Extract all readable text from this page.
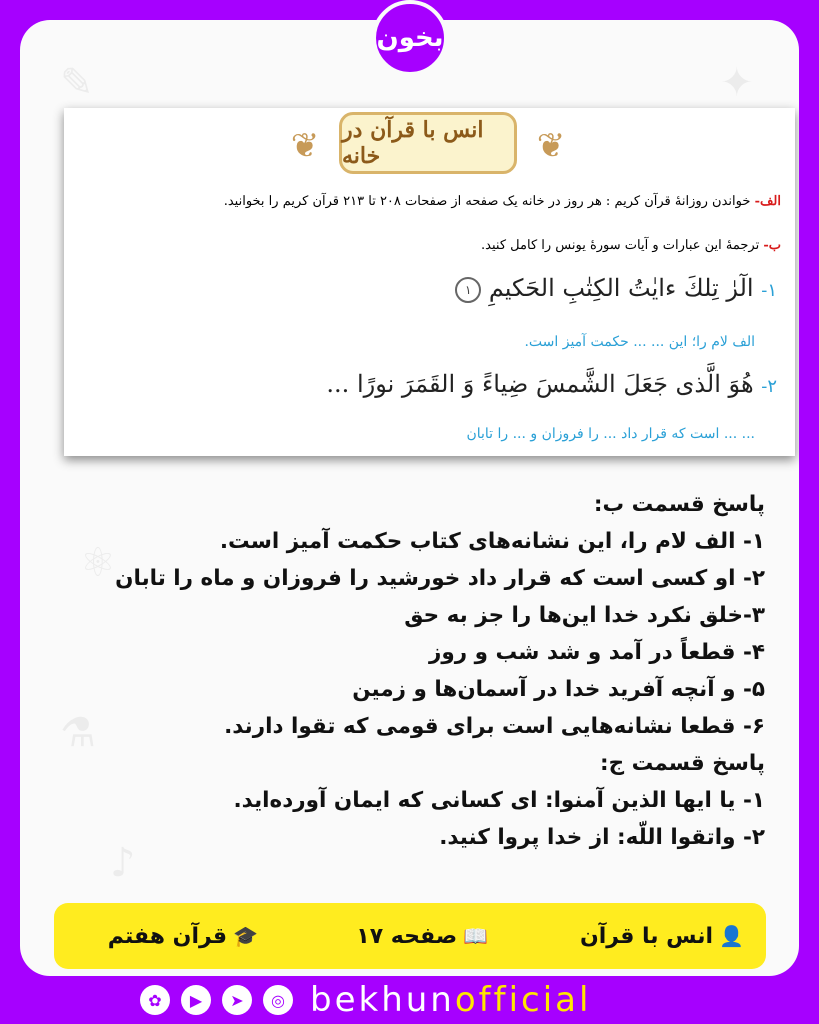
⚛
⚗
♪
✦
✎
❦	انس با قرآن در خانه	❦
الف- خواندن روزانهٔ قرآن کریم : هر روز در خانه یک صفحه از صفحات ۲۰۸ تا ۲۱۳ قرآن کریم را بخوانید.
ب- ترجمهٔ این عبارات و آیات سورهٔ یونس را کامل کنید.
۱- الٓرٰ تِلكَ ءايٰتُ الكِتٰبِ الحَكيمِ ۱
الف لام را؛ این ... ... حکمت آمیز است.
۲- هُوَ الَّذى جَعَلَ الشَّمسَ ضِياءً وَ القَمَرَ نورًا ...
... ... است که قرار داد ... را فروزان و ... را تابان
بخون
پاسخ قسمت ب:
۱- الف لام را، این نشانه‌های کتاب حکمت آمیز است.
۲- او کسی است که قرار داد خورشید را فروزان و ماه را تابان
۳-خلق نکرد خدا این‌ها را جز به حق
۴- قطعاً در آمد و شد شب و روز
۵- و آنچه آفرید خدا در آسمان‌ها و زمین
۶- قطعا نشانه‌هایی است برای قومی که تقوا دارند.
پاسخ قسمت ج:
۱- یا ایها الذین آمنوا: ای کسانی که ایمان آورده‌اید.
۲- واتقوا اللّه: از خدا پروا کنید.
👤
انس با قرآن
📖
صفحه ۱۷
🎓
قرآن هفتم
✿	▶	➤	◎ bekhunofficial
